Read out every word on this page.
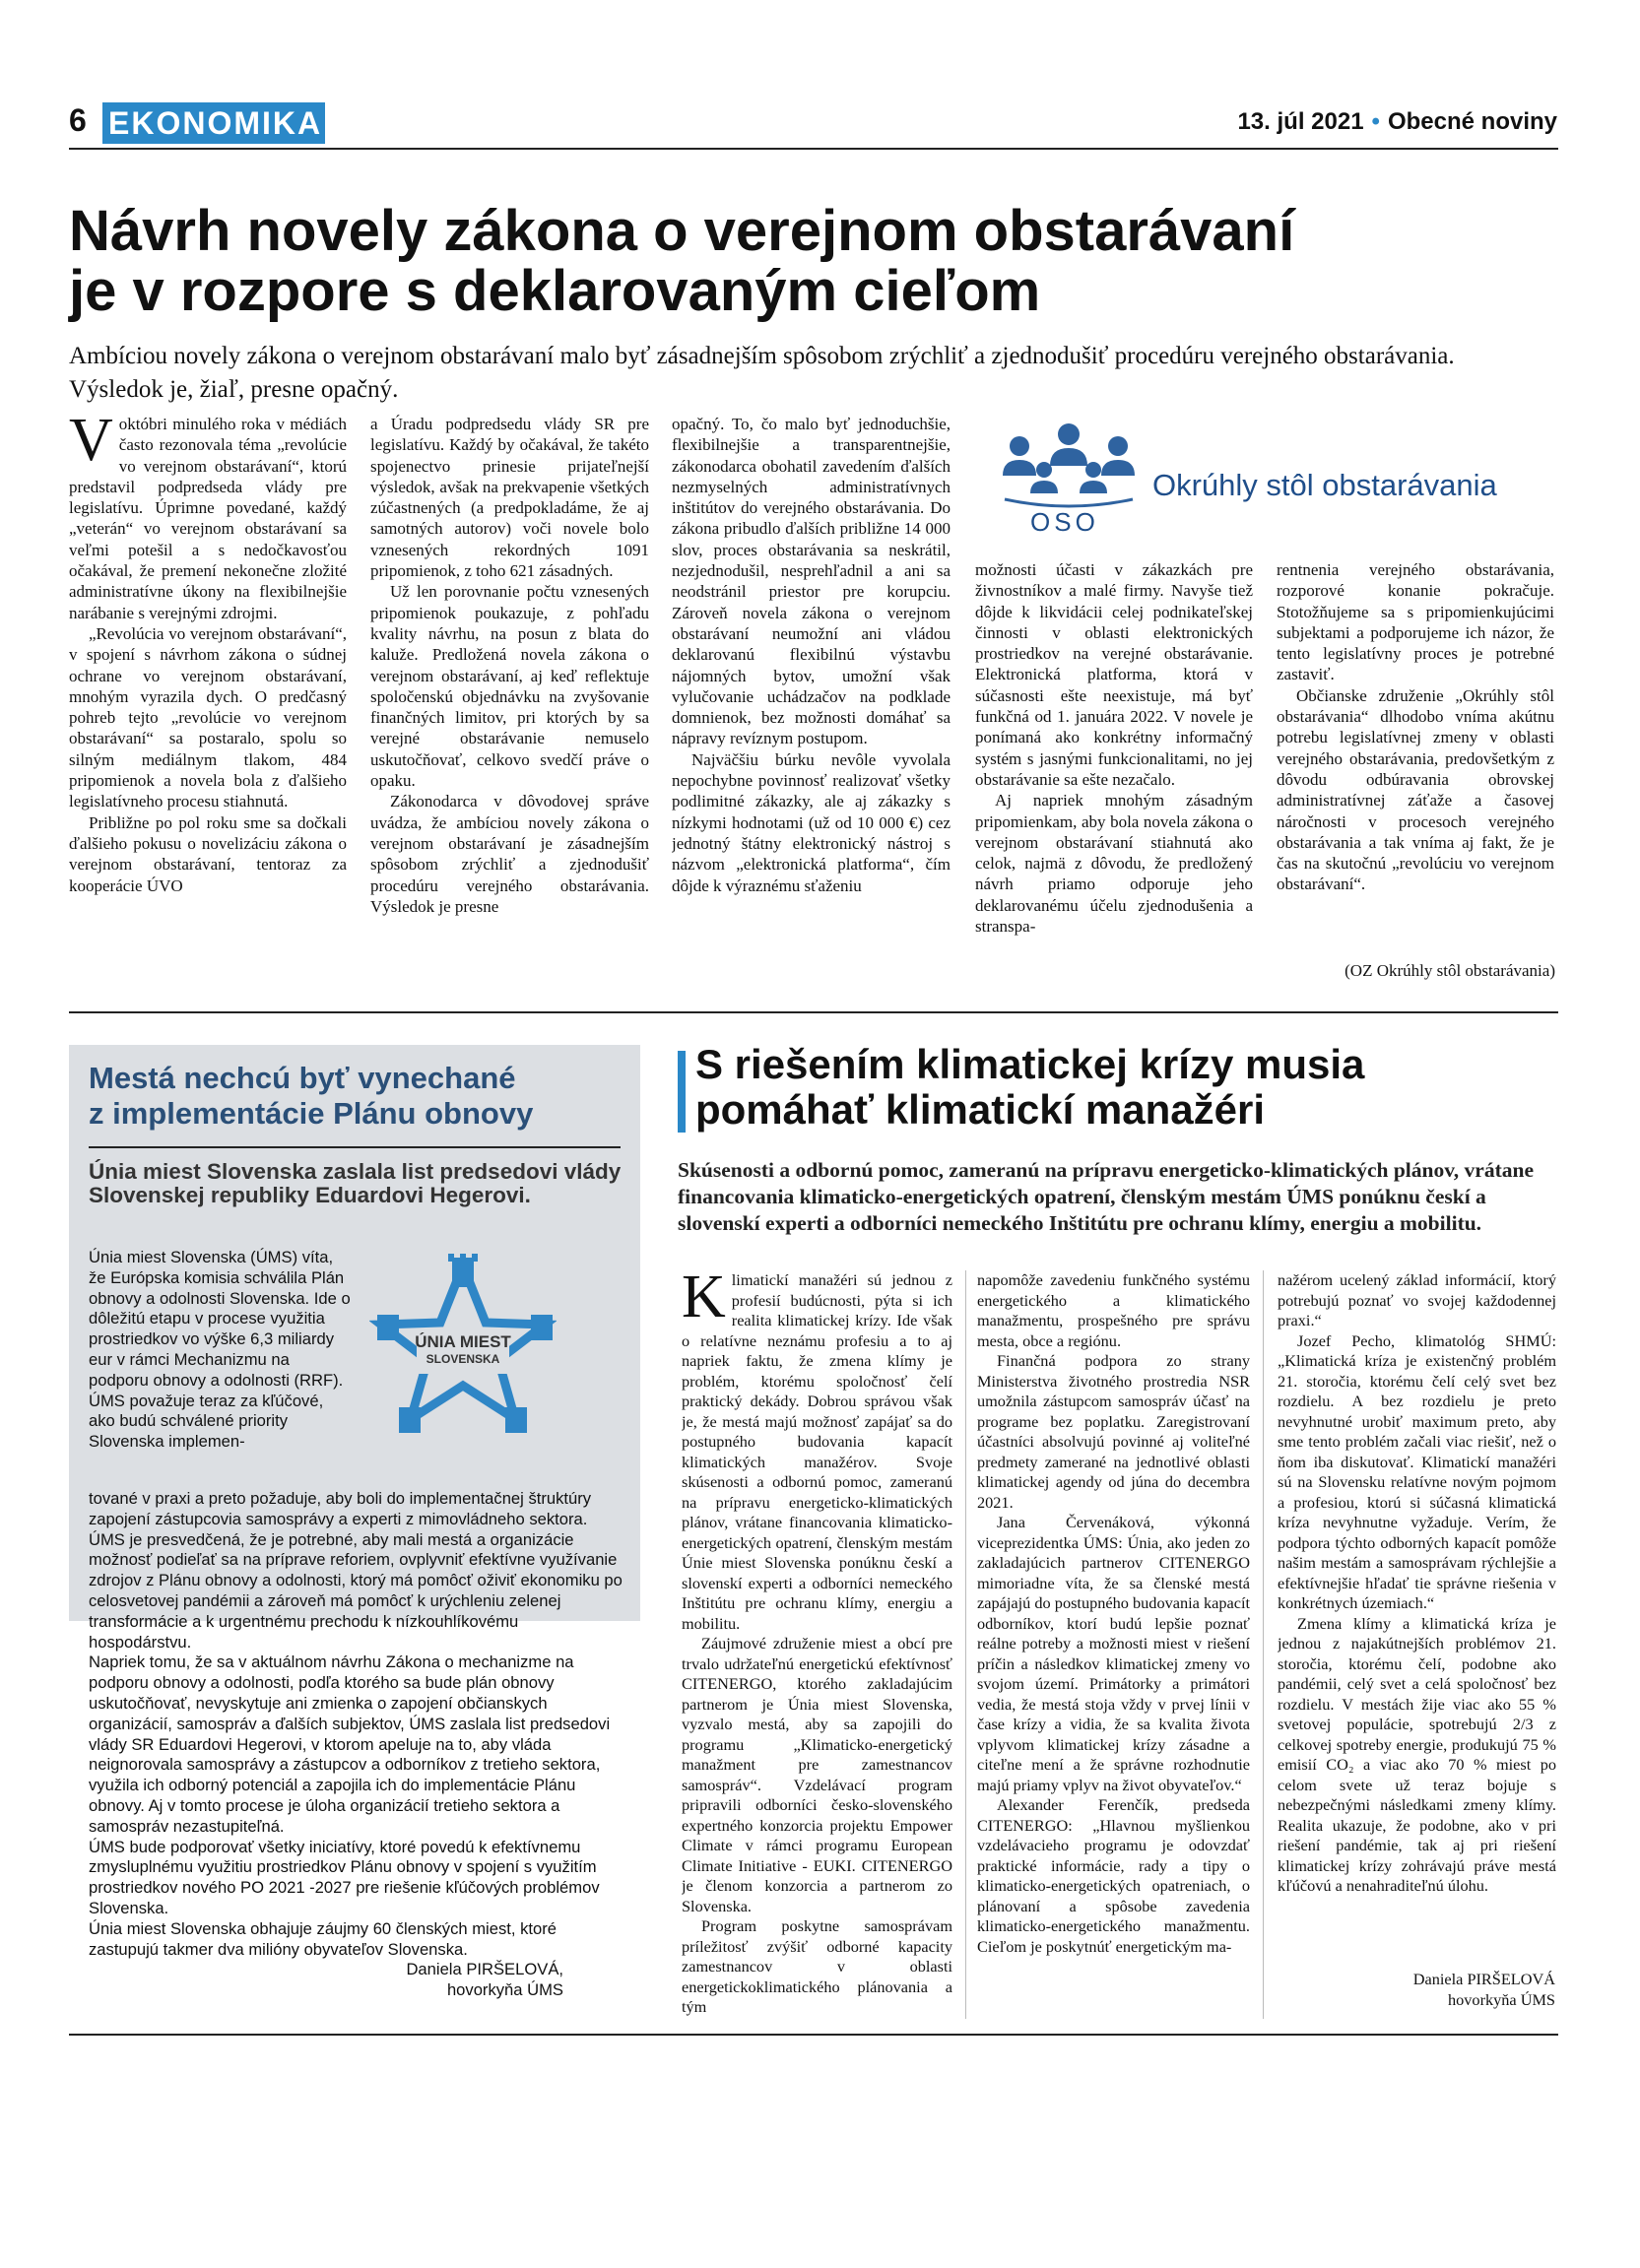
6 EKONOMIKA	13. júl 2021 • Obecné noviny
Návrh novely zákona o verejnom obstarávaní
je v rozpore s deklarovaným cieľom
Ambíciou novely zákona o verejnom obstarávaní malo byť zásadnejším spôsobom zrýchliť a zjednodušiť procedúru verejného obstarávania. Výsledok je, žiaľ, presne opačný.

Voktóbri minulého roka v médiách často rezonovala téma „revolúcie vo verejnom obstarávaní“, ktorú predstavil podpredseda vlády pre legislatívu. Úprimne povedané, každý „veterán“ vo verejnom obstarávaní sa veľmi potešil a s nedočkavosťou očakával, že premení nekonečne zložité administratívne úkony na flexibilnejšie narábanie s verejnými zdrojmi.

„Revolúcia vo verejnom obstarávaní“, v spojení s návrhom zákona o súdnej ochrane vo verejnom obstarávaní, mnohým vyrazila dych. O predčasný pohreb tejto „revolúcie vo verejnom obstarávaní“ sa postaralo, spolu so silným mediálnym tlakom, 484 pripomienok a novela bola z ďalšieho legislatívneho procesu stiahnutá.

Približne po pol roku sme sa dočkali ďalšieho pokusu o novelizáciu zákona o verejnom obstarávaní, tentoraz za kooperácie ÚVO

a Úradu podpredsedu vlády SR pre legislatívu. Každý by očakával, že takéto spojenectvo prinesie prijateľnejší výsledok, avšak na prekvapenie všetkých zúčastnených (a predpokladáme, že aj samotných autorov) voči novele bolo vznesených rekordných 1091 pripomienok, z toho 621 zásadných.

Už len porovnanie počtu vznesených pripomienok poukazuje, z pohľadu kvality návrhu, na posun z blata do kaluže. Predložená novela zákona o verejnom obstarávaní, aj keď reflektuje spoločenskú objednávku na zvyšovanie finančných limitov, pri ktorých by sa verejné obstarávanie nemuselo uskutočňovať, celkovo svedčí práve o opaku.

Zákonodarca v dôvodovej správe uvádza, že ambíciou novely zákona o verejnom obstarávaní je zásadnejším spôsobom zrýchliť a zjednodušiť procedúru verejného obstarávania. Výsledok je presne

opačný. To, čo malo byť jednoduchšie, flexibilnejšie a transparentnejšie, zákonodarca obohatil zavedením ďalších nezmyselných administratívnych inštitútov do verejného obstarávania. Do zákona pribudlo ďalších približne 14 000 slov, proces obstarávania sa neskrátil, nezjednodušil, nesprehľadnil a ani sa neodstránil priestor pre korupciu. Zároveň novela zákona o verejnom obstarávaní neumožní ani vládou deklarovanú flexibilnú výstavbu nájomných bytov, umožní však vylučovanie uchádzačov na podklade domnienok, bez možnosti domáhať sa nápravy revíznym postupom.

Najväčšiu búrku nevôle vyvolala nepochybne povinnosť realizovať všetky podlimitné zákazky, ale aj zákazky s nízkymi hodnotami (už od 10 000 €) cez jednotný štátny elektronický nástroj s názvom „elektronická platforma“, čím dôjde k výraznému sťaženiu

OSO
Okrúhly stôl obstarávania

možnosti účasti v zákazkách pre živnostníkov a malé firmy. Navyše tiež dôjde k likvidácii celej podnikateľskej činnosti v oblasti elektronických prostriedkov na verejné obstarávanie. Elektronická platforma, ktorá v súčasnosti ešte neexistuje, má byť funkčná od 1. januára 2022. V novele je ponímaná ako konkrétny informačný systém s jasnými funkcionalitami, no jej obstarávanie sa ešte nezačalo.

Aj napriek mnohým zásadným pripomienkam, aby bola novela zákona o verejnom obstarávaní stiahnutá ako celok, najmä z dôvodu, že predložený návrh priamo odporuje jeho deklarovanému účelu zjednodušenia a stranspa-

rentnenia verejného obstarávania, rozporové konanie pokračuje. Stotožňujeme sa s pripomienkujúcimi subjektami a podporujeme ich názor, že tento legislatívny proces je potrebné zastaviť.

Občianske združenie „Okrúhly stôl obstarávania“ dlhodobo vníma akútnu potrebu legislatívnej zmeny v oblasti verejného obstarávania, predovšetkým z dôvodu odbúravania obrovskej administratívnej záťaže a časovej náročnosti v procesoch verejného obstarávania a tak vníma aj fakt, že je čas na skutočnú „revolúciu vo verejnom obstarávaní“.

(OZ Okrúhly stôl obstarávania)
Mestá nechcú byť vynechané
z implementácie Plánu obnovy
Únia miest Slovenska zaslala list predsedovi vlády Slovenskej republiky Eduardovi Hegerovi.
Únia miest Slovenska (ÚMS) víta, že Európska komisia schválila Plán obnovy a odolnosti Slovenska. Ide o dôležitú etapu v procese využitia prostriedkov vo výške 6,3 miliardy eur v rámci Mechanizmu na podporu obnovy a odolnosti (RRF). ÚMS považuje teraz za kľúčové, ako budú schválené priority Slovenska implemen-
ÚNIA MIEST
SLOVENSKA
tované v praxi a preto požaduje, aby boli do implementačnej štruktúry zapojení zástupcovia samosprávy a experti z mimovládneho sektora. ÚMS je presvedčená, že je potrebné, aby mali mestá a organizácie možnosť podieľať sa na príprave reforiem, ovplyvniť efektívne využívanie zdrojov z Plánu obnovy a odolnosti, ktorý má pomôcť oživiť ekonomiku po celosvetovej pandémii a zároveň má pomôcť k urýchleniu zelenej transformácie a k urgentnému prechodu k nízkouhlíkovému hospodárstvu.
Napriek tomu, že sa v aktuálnom návrhu Zákona o mechanizme na podporu obnovy a odolnosti, podľa ktorého sa bude plán obnovy uskutočňovať, nevyskytuje ani zmienka o zapojení občianskych organizácií, samospráv a ďalších subjektov, ÚMS zaslala list predsedovi vlády SR Eduardovi Hegerovi, v ktorom apeluje na to, aby vláda neignorovala samosprávy a zástupcov a odborníkov z tretieho sektora, využila ich odborný potenciál a zapojila ich do implementácie Plánu obnovy. Aj v tomto procese je úloha organizácií tretieho sektora a samospráv nezastupiteľná.
ÚMS bude podporovať všetky iniciatívy, ktoré povedú k efektívnemu zmysluplnému využitiu prostriedkov Plánu obnovy v spojení s využitím prostriedkov nového PO 2021 -2027 pre riešenie kľúčových problémov Slovenska.
Únia miest Slovenska obhajuje záujmy 60 členských miest, ktoré zastupujú takmer dva milióny obyvateľov Slovenska.
Daniela PIRŠELOVÁ,
hovorkyňa ÚMS
S riešením klimatickej krízy musia
pomáhať klimatickí manažéri
Skúsenosti a odbornú pomoc, zameranú na prípravu energeticko-klimatických plánov, vrátane financovania klimaticko-energetických opatrení, členským mestám ÚMS ponúknu českí a slovenskí experti a odborníci nemeckého Inštitútu pre ochranu klímy, energiu a mobilitu.

Klimatickí manažéri sú jednou z profesií budúcnosti, pýta si ich realita klimatickej krízy. Ide však o relatívne neznámu profesiu a to aj napriek faktu, že zmena klímy je problém, ktorému spoločnosť čelí praktický dekády. Dobrou správou však je, že mestá majú možnosť zapájať sa do postupného budovania kapacít klimatických manažérov. Svoje skúsenosti a odbornú pomoc, zameranú na prípravu energeticko-klimatických plánov, vrátane financovania klimaticko-energetických opatrení, členským mestám Únie miest Slovenska ponúknu českí a slovenskí experti a odborníci nemeckého Inštitútu pre ochranu klímy, energiu a mobilitu.

Záujmové združenie miest a obcí pre trvalo udržateľnú energetickú efektívnosť CITENERGO, ktorého zakladajúcim partnerom je Únia miest Slovenska, vyzvalo mestá, aby sa zapojili do programu „Klimaticko-energetický manažment pre zamestnancov samospráv“. Vzdelávací program pripravili odborníci česko-slovenského expertného konzorcia projektu Empower Climate v rámci programu European Climate Initiative - EUKI. CITENERGO je členom konzorcia a partnerom zo Slovenska.

Program poskytne samosprávam príležitosť zvýšiť odborné kapacity zamestnancov v oblasti energetickoklimatického plánovania a tým

napomôže zavedeniu funkčného systému energetického a klimatického manažmentu, prospešného pre správu mesta, obce a regiónu.

Finančná podpora zo strany Ministerstva životného prostredia NSR umožnila zástupcom samospráv účasť na programe bez poplatku. Zaregistrovaní účastníci absolvujú povinné aj voliteľné predmety zamerané na jednotlivé oblasti klimatickej agendy od júna do decembra 2021.

Jana Červenáková, výkonná viceprezidentka ÚMS: Únia, ako jeden zo zakladajúcich partnerov CITENERGO mimoriadne víta, že sa členské mestá zapájajú do postupného budovania kapacít odborníkov, ktorí budú lepšie poznať reálne potreby a možnosti miest v riešení príčin a následkov klimatickej zmeny vo svojom území. Primátorky a primátori vedia, že mestá stoja vždy v prvej línii v čase krízy a vidia, že sa kvalita života vplyvom klimatickej krízy zásadne a citeľne mení a že správne rozhodnutie majú priamy vplyv na život obyvateľov.“

Alexander Ferenčík, predseda CITENERGO: „Hlavnou myšlienkou vzdelávacieho programu je odovzdať praktické informácie, rady a tipy o klimaticko-energetických opatreniach, o plánovaní a spôsobe zavedenia klimaticko-energetického manažmentu. Cieľom je poskytnúť energetickým ma-

nažérom ucelený základ informácií, ktorý potrebujú poznať vo svojej každodennej praxi.“

Jozef Pecho, klimatológ SHMÚ: „Klimatická kríza je existenčný problém 21. storočia, ktorému čelí celý svet bez rozdielu. A bez rozdielu je preto nevyhnutné urobiť maximum preto, aby sme tento problém začali viac riešiť, než o ňom iba diskutovať. Klimatickí manažéri sú na Slovensku relatívne novým pojmom a profesiou, ktorú si súčasná klimatická kríza nevyhnutne vyžaduje. Verím, že podpora týchto odborných kapacít pomôže našim mestám a samosprávam rýchlejšie a efektívnejšie hľadať tie správne riešenia v konkrétnych územiach.“

Zmena klímy a klimatická kríza je jednou z najakútnejších problémov 21. storočia, ktorému čelí, podobne ako pandémii, celý svet a celá spoločnosť bez rozdielu. V mestách žije viac ako 55 % svetovej populácie, spotrebujú 2/3 z celkovej spotreby energie, produkujú 75 % emisií CO₂ a viac ako 70 % miest po celom svete už teraz bojuje s nebezpečnými následkami zmeny klímy. Realita ukazuje, že podobne, ako v pri riešení pandémie, tak aj pri riešení klimatickej krízy zohrávajú práve mestá kľúčovú a nenahraditeľnú úlohu.

Daniela PIRŠELOVÁ
hovorkyňa ÚMS
